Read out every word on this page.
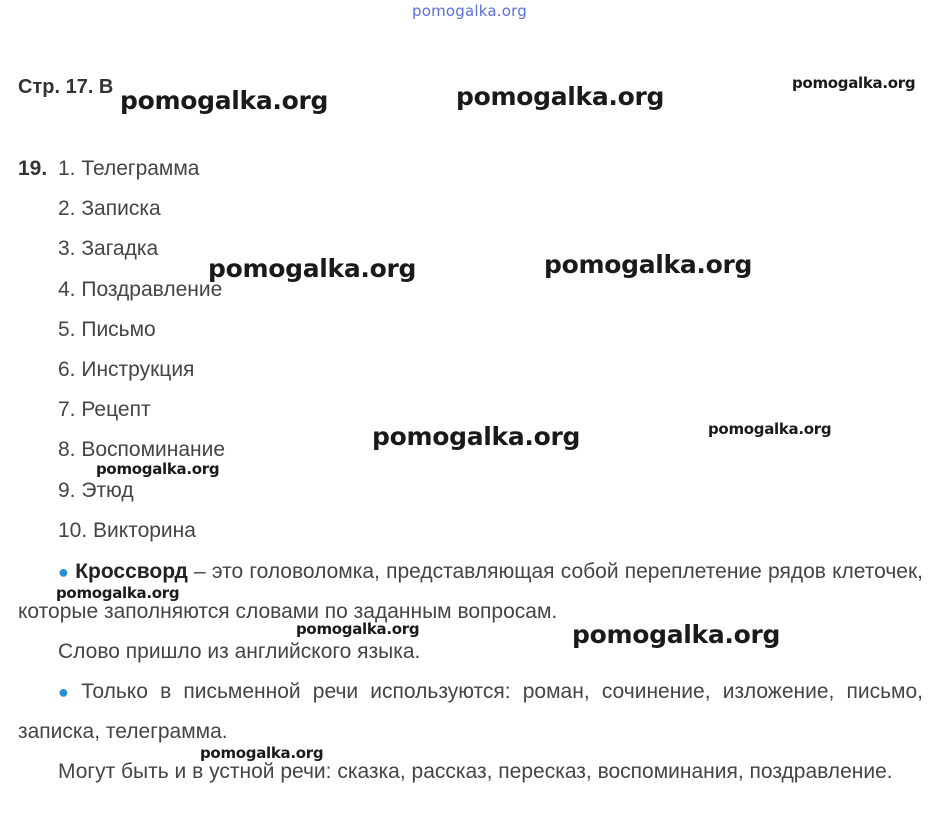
pomogalka.org
Стр. 17. В
19. 1. Телеграмма
2. Записка
3. Загадка
4. Поздравление
5. Письмо
6. Инструкция
7. Рецепт
8. Воспоминание
9. Этюд
10. Викторина

● Кроссворд – это головоломка, представляющая собой переплетение рядов клеточек, которые заполняются словами по заданным вопросам.

Слово пришло из английского языка.

● Только в письменной речи используются: роман, сочинение, изложение, письмо, записка, телеграмма.

Могут быть и в устной речи: сказка, рассказ, пересказ, воспоминания, поздравление.

pomogalka.org	pomogalka.org	pomogalka.org
pomogalka.org	pomogalka.org
pomogalka.org	pomogalka.org
pomogalka.org
pomogalka.org
pomogalka.org	pomogalka.org
pomogalka.org
